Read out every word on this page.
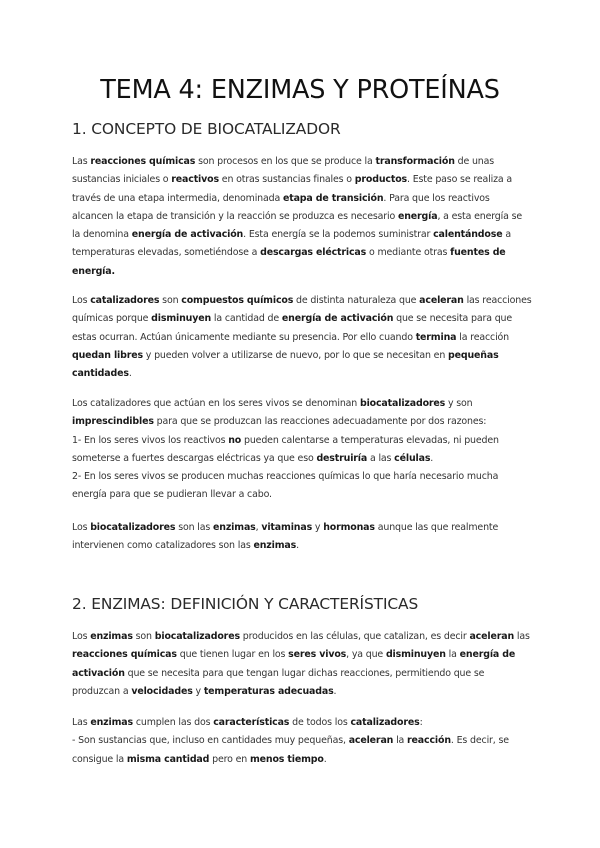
TEMA 4: ENZIMAS Y PROTEÍNAS
1. CONCEPTO DE BIOCATALIZADOR

Las reacciones químicas son procesos en los que se produce la transformación de unas sustancias iniciales o reactivos en otras sustancias finales o productos. Este paso se realiza a través de una etapa intermedia, denominada etapa de transición. Para que los reactivos alcancen la etapa de transición y la reacción se produzca es necesario energía, a esta energía se la denomina energía de activación. Esta energía se la podemos suministrar calentándose a temperaturas elevadas, sometiéndose a descargas eléctricas o mediante otras fuentes de energía.

Los catalizadores son compuestos químicos de distinta naturaleza que aceleran las reacciones químicas porque disminuyen la cantidad de energía de activación que se necesita para que estas ocurran. Actúan únicamente mediante su presencia. Por ello cuando termina la reacción quedan libres y pueden volver a utilizarse de nuevo, por lo que se necesitan en pequeñas cantidades.

Los catalizadores que actúan en los seres vivos se denominan biocatalizadores y son imprescindibles para que se produzcan las reacciones adecuadamente por dos razones:
1- En los seres vivos los reactivos no pueden calentarse a temperaturas elevadas, ni pueden someterse a fuertes descargas eléctricas ya que eso destruiría a las células.
2- En los seres vivos se producen muchas reacciones químicas lo que haría necesario mucha energía para que se pudieran llevar a cabo.

Los biocatalizadores son las enzimas, vitaminas y hormonas aunque las que realmente intervienen como catalizadores son las enzimas.

2. ENZIMAS: DEFINICIÓN Y CARACTERÍSTICAS

Los enzimas son biocatalizadores producidos en las células, que catalizan, es decir aceleran las reacciones químicas que tienen lugar en los seres vivos, ya que disminuyen la energía de activación que se necesita para que tengan lugar dichas reacciones, permitiendo que se produzcan a velocidades y temperaturas adecuadas.

Las enzimas cumplen las dos características de todos los catalizadores:
- Son sustancias que, incluso en cantidades muy pequeñas, aceleran la reacción. Es decir, se consigue la misma cantidad pero en menos tiempo.
